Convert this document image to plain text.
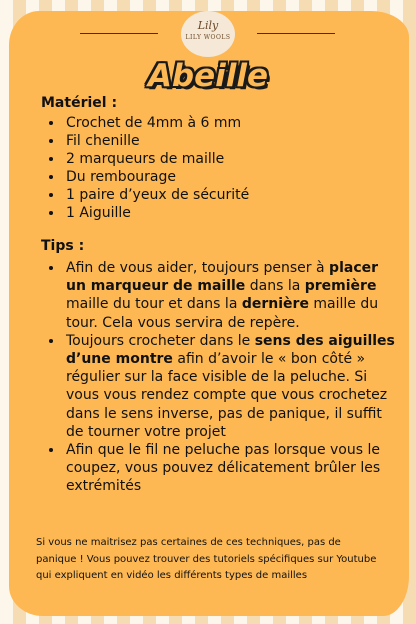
Lily
LILY WOOLS
Abeille
Matériel :
• Crochet de 4mm à 6 mm
• Fil chenille
• 2 marqueurs de maille
• Du rembourage
• 1 paire d’yeux de sécurité
• 1 Aiguille
Tips :
• Afin de vous aider, toujours penser à placer un marqueur de maille dans la première maille du tour et dans la dernière maille du tour. Cela vous servira de repère.
• Toujours crocheter dans le sens des aiguilles d’une montre afin d’avoir le « bon côté » régulier sur la face visible de la peluche. Si vous vous rendez compte que vous crochetez dans le sens inverse, pas de panique, il suffit de tourner votre projet
• Afin que le fil ne peluche pas lorsque vous le coupez, vous pouvez délicatement brûler les extrémités
Si vous ne maitrisez pas certaines de ces techniques, pas de panique ! Vous pouvez trouver des tutoriels spécifiques sur Youtube qui expliquent en vidéo les différents types de mailles
